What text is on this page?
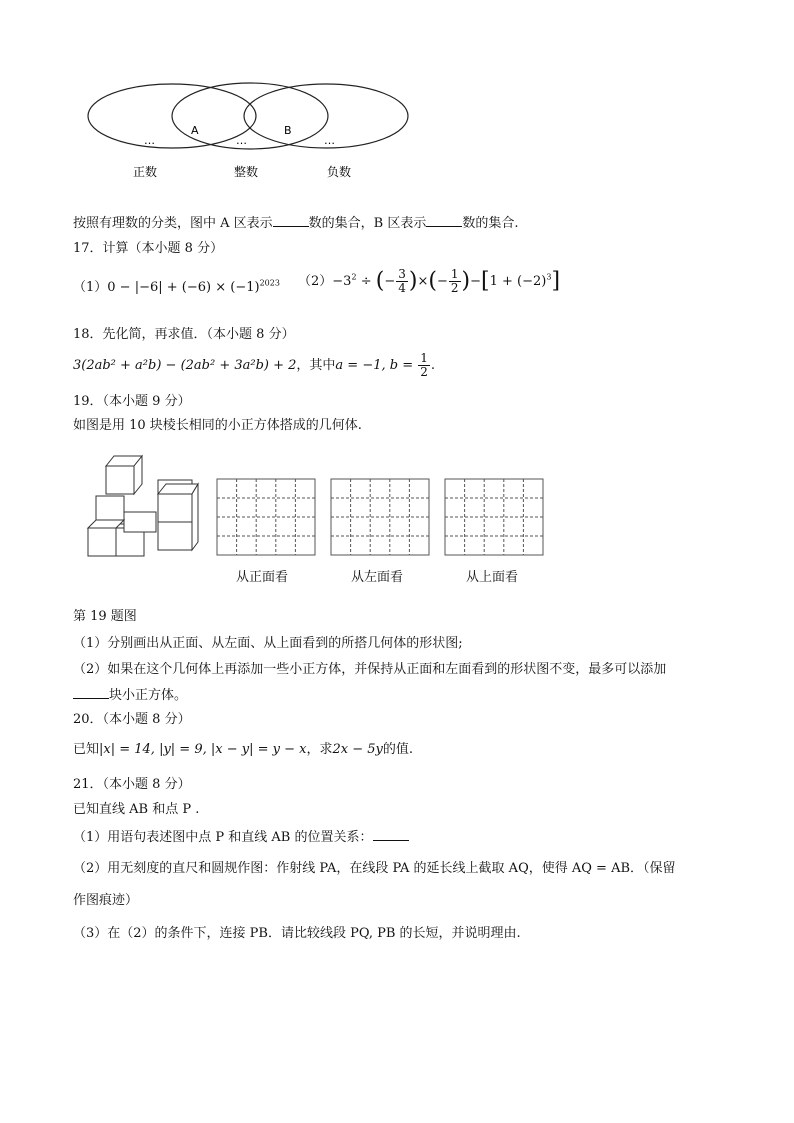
A	B
…	…	…
正数	整数	负数
按照有理数的分类，图中 A 区表示	数的集合，B 区表示	数的集合.
17．计算（本小题 8 分）
$(1)0 - |-6| + (-6) \times (-1)^{2023}$ $(2)-3^2$ ÷ (− $\frac{3}{4}$ )×(− $\frac{1}{2} )-[1 + (-2)^3]$
18．先化简，再求值．（本小题 8 分）
3(2ab² + a²b) − (2ab² + 3a²b) + 2，其中a = −1, $b = \frac{1}{2}$ .
19．（本小题 9 分）
如图是用 10 块棱长相同的小正方体搭成的几何体.
从正面看	从左面看	从上面看
第 19 题图
（1）分别画出从正面、从左面、从上面看到的所搭几何体的形状图;
（2）如果在这个几何体上再添加一些小正方体，并保持从正面和左面看到的形状图不变，最多可以添加
块小正方体。
20．（本小题 8 分）
已知|x| = 14, |y| = 9, |x − y| = y − x，求2x − 5y的值.
21．（本小题 8 分）
已知直线 AB 和点 P .
（1）用语句表述图中点 P 和直线 AB 的位置关系：
（2）用无刻度的直尺和圆规作图：作射线 PA，在线段 PA 的延长线上截取 AQ，使得 AQ = AB．（保留
作图痕迹）
（3）在（2）的条件下，连接 PB．请比较线段 PQ, PB 的长短，并说明理由.
